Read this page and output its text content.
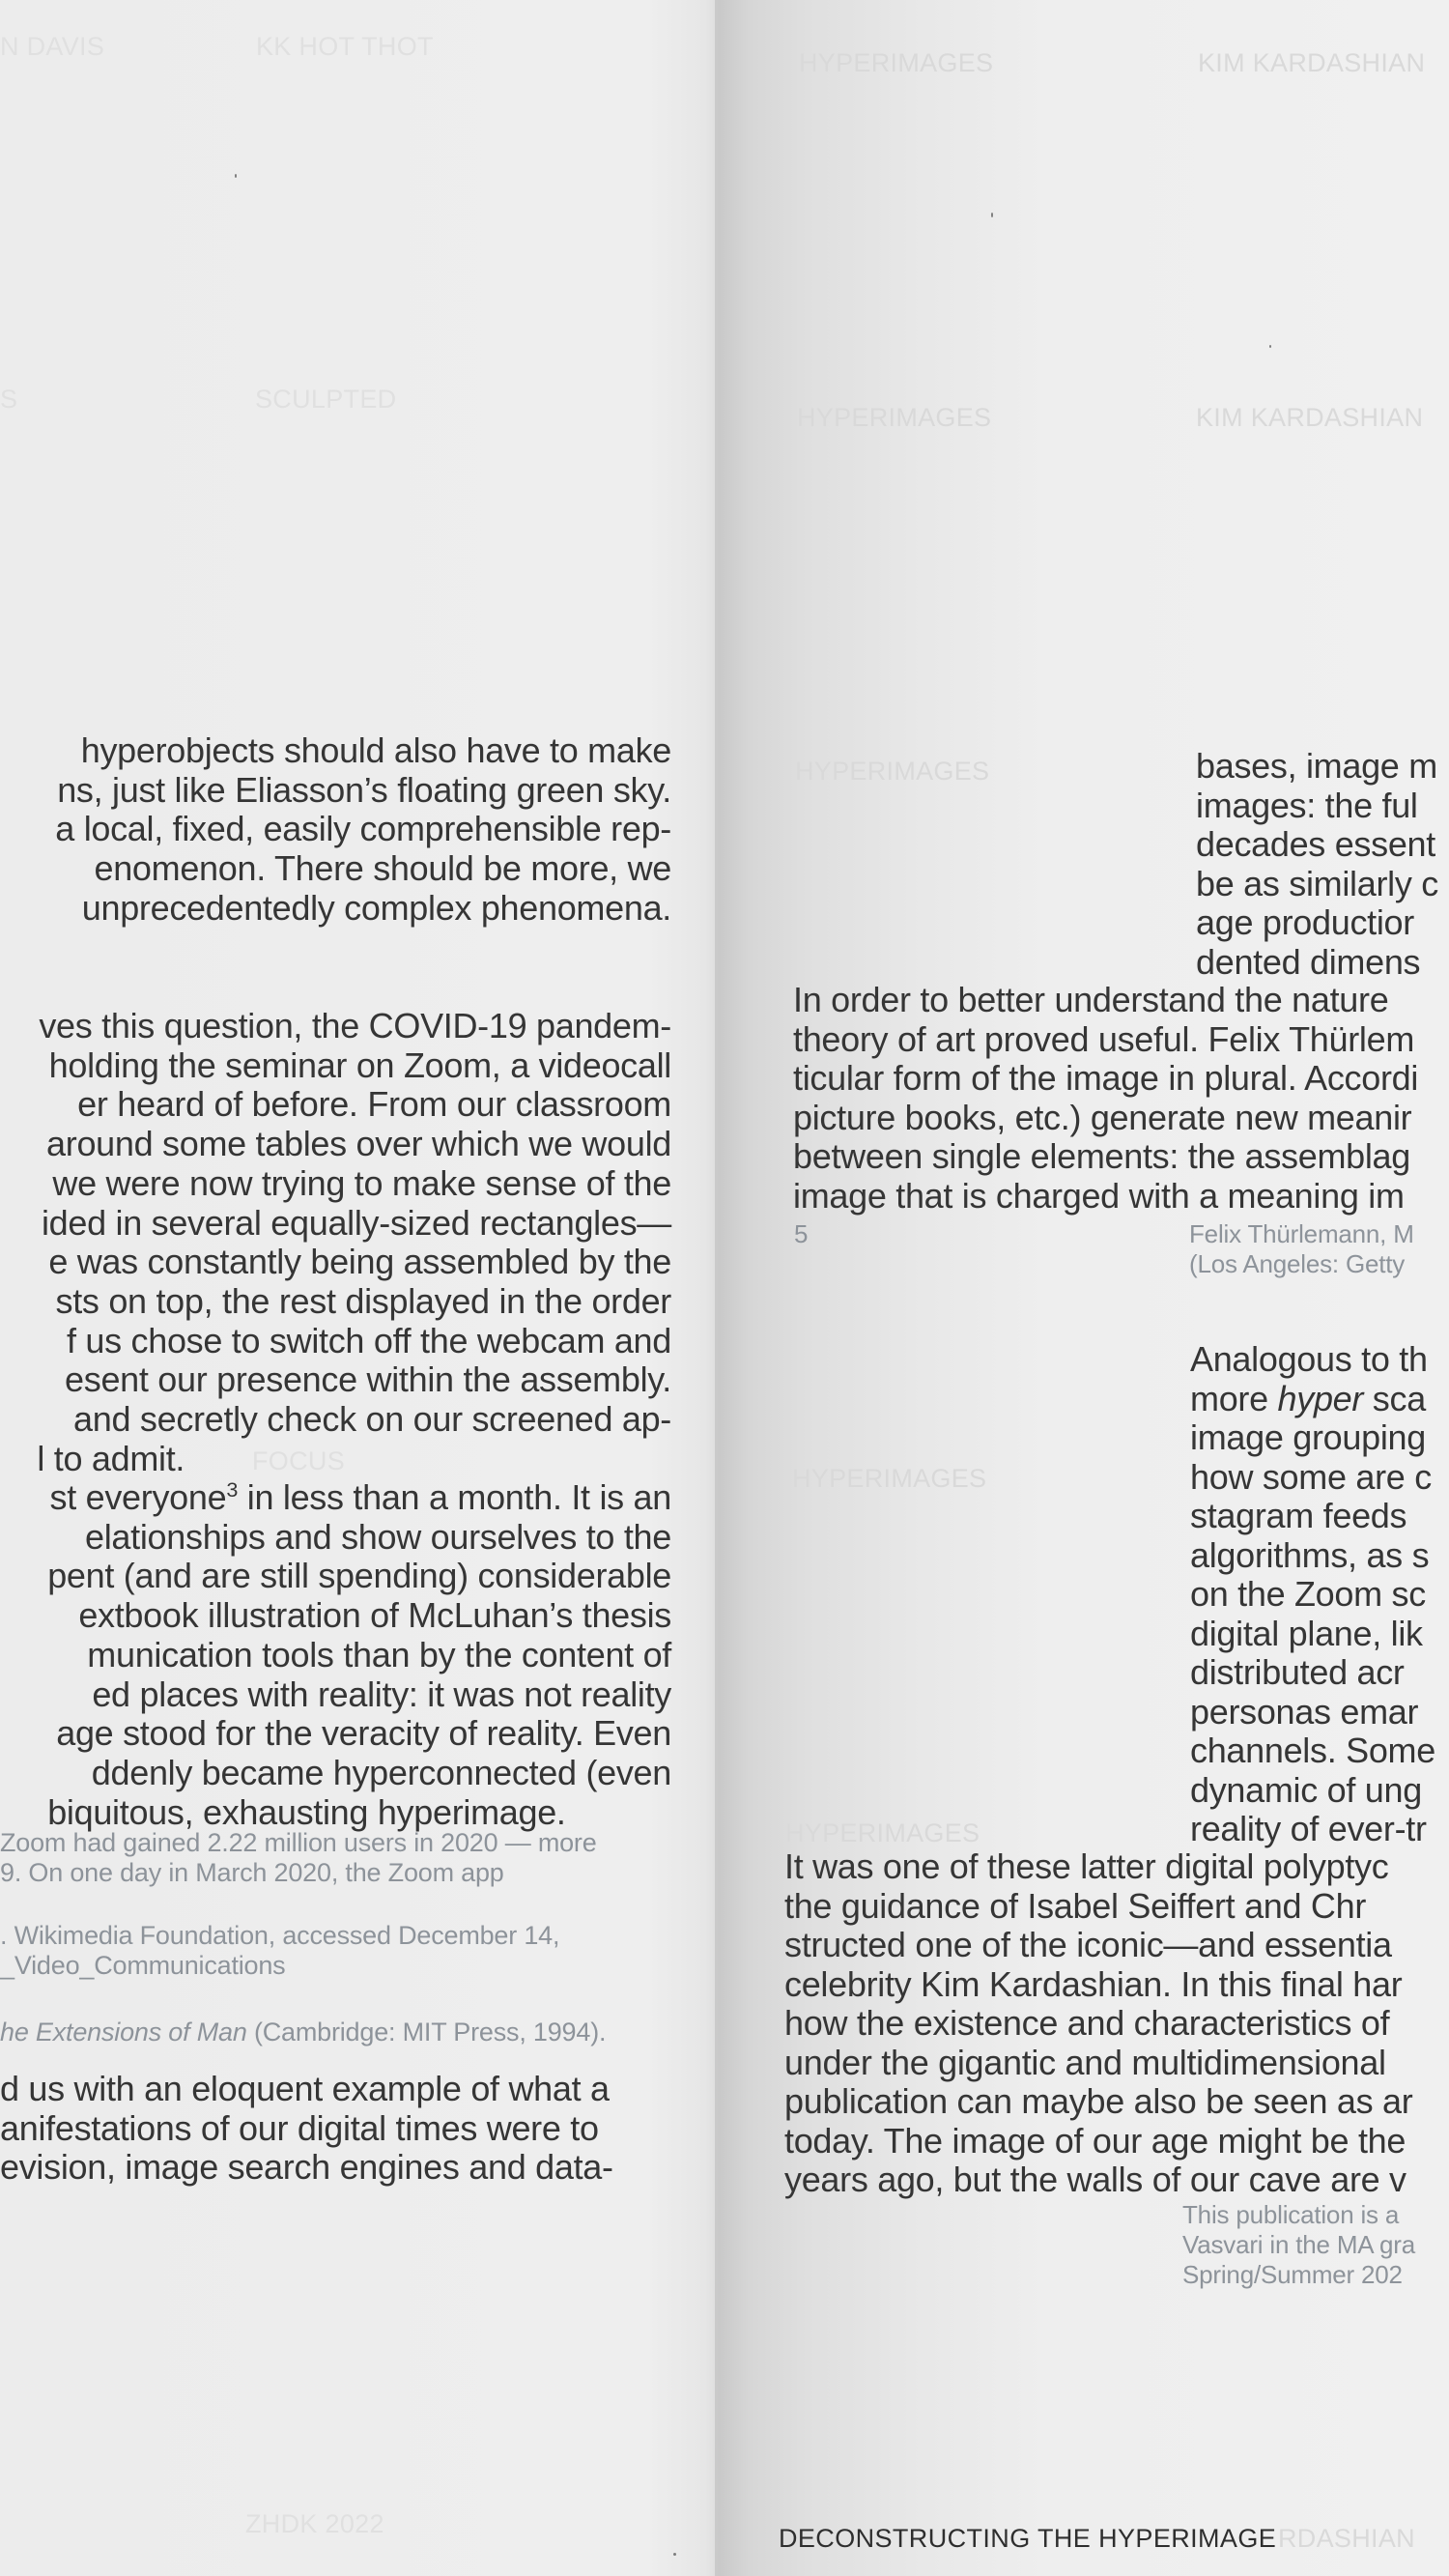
N DAVIS	KK HOT THOT
S	SCULPTED
FOCUS
ZHDK 2022
hyperobjects should also have to make
ns, just like Eliasson’s floating green sky.
a local, fixed, easily comprehensible rep-
enomenon. There should be more, we
unprecedentedly complex phenomena.
ves this question, the COVID-19 pandem-
holding the seminar on Zoom, a videocall
er heard of before. From our classroom
around some tables over which we would
we were now trying to make sense of the
ided in several equally-sized rectangles—
e was constantly being assembled by the
sts on top, the rest displayed in the order
f us chose to switch off the webcam and
esent our presence within the assembly.
and secretly check on our screened ap-
l to admit.
st everyone$^3$ in less than a month. It is an
elationships and show ourselves to the
pent (and are still spending) considerable
extbook illustration of McLuhan’s thesis
munication tools than by the content of
ed places with reality: it was not reality
age stood for the veracity of reality. Even
ddenly became hyperconnected (even
biquitous, exhausting hyperimage.
Zoom had gained 2.22 million users in 2020 — more
9. On one day in March 2020, the Zoom app
. Wikimedia Foundation, accessed December 14,
_Video_Communications
he Extensions of Man (Cambridge: MIT Press, 1994).
d us with an eloquent example of what a
anifestations of our digital times were to
evision, image search engines and data-
HYPERIMAGES	KIM KARDASHIAN
HYPERIMAGES	KIM KARDASHIAN
HYPERIMAGES
HYPERIMAGES
HYPERIMAGES
bases, image m
images: the ful
decades essent
be as similarly c
age productior
dented dimens
In order to better understand the nature
theory of art proved useful. Felix Thürlem
ticular form of the image in plural. Accordi
picture books, etc.) generate new meanir
between single elements: the assemblag
image that is charged with a meaning im
5	Felix Thürlemann, M
(Los Angeles: Getty
Analogous to th
more hyper sca
image grouping
how some are c
stagram feeds
algorithms, as s
on the Zoom sc
digital plane, lik
distributed acr
personas emar
channels. Some
dynamic of ung
reality of ever-tr
It was one of these latter digital polyptyc
the guidance of Isabel Seiffert and Chr
structed one of the iconic—and essentia
celebrity Kim Kardashian. In this final har
how the existence and characteristics of
under the gigantic and multidimensional
publication can maybe also be seen as ar
today. The image of our age might be the
years ago, but the walls of our cave are v
This publication is a
Vasvari in the MA gra
Spring/Summer 202
DECONSTRUCTING THE HYPERIMAGE RDASHIAN
